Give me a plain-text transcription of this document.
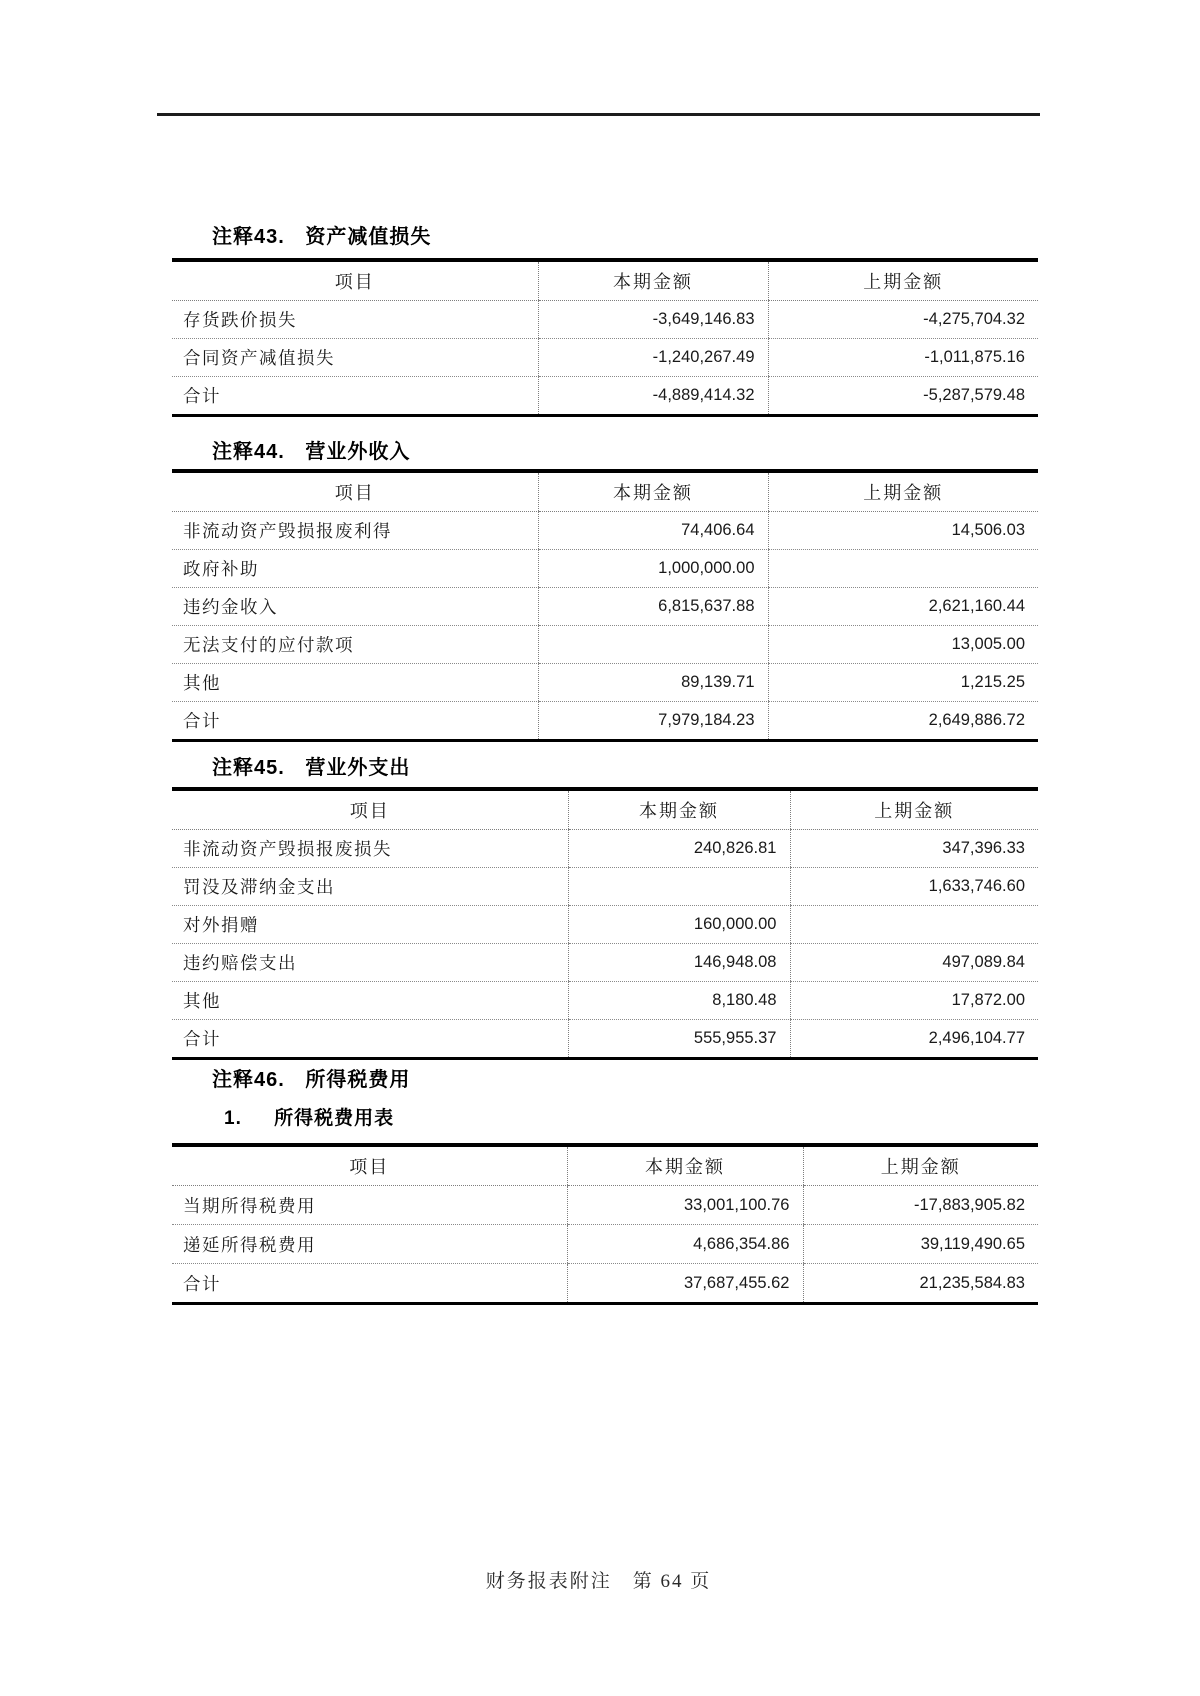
注释43. 资产减值损失
项目	本期金额	上期金额
存货跌价损失	-3,649,146.83	-4,275,704.32
合同资产减值损失	-1,240,267.49	-1,011,875.16
合计	-4,889,414.32	-5,287,579.48
注释44. 营业外收入
项目	本期金额	上期金额
非流动资产毁损报废利得	74,406.64	14,506.03
政府补助	1,000,000.00	
违约金收入	6,815,637.88	2,621,160.44
无法支付的应付款项		13,005.00
其他	89,139.71	1,215.25
合计	7,979,184.23	2,649,886.72
注释45. 营业外支出
项目	本期金额	上期金额
非流动资产毁损报废损失	240,826.81	347,396.33
罚没及滞纳金支出		1,633,746.60
对外捐赠	160,000.00	
违约赔偿支出	146,948.08	497,089.84
其他	8,180.48	17,872.00
合计	555,955.37	2,496,104.77
注释46. 所得税费用
1. 所得税费用表
项目	本期金额	上期金额
当期所得税费用	33,001,100.76	-17,883,905.82
递延所得税费用	4,686,354.86	39,119,490.65
合计	37,687,455.62	21,235,584.83
财务报表附注　第 64 页
